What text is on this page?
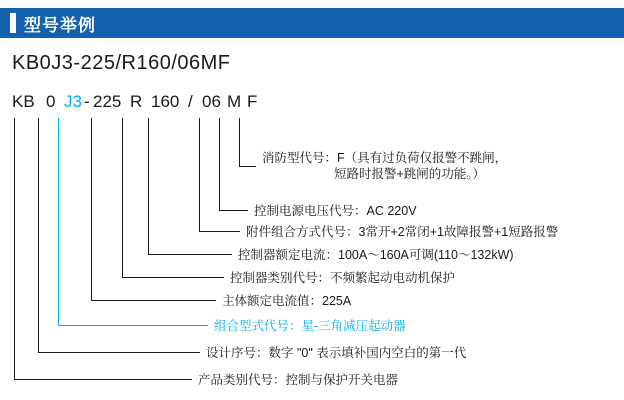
型号举例
KB0J3-225/R160/06MF
KB 0 J3 - 225 R 160 / 06 M F
消防型代号：F（具有过负荷仅报警不跳闸，
短路时报警+跳闸的功能。）
控制电源电压代号：AC 220V
附件组合方式代号：3常开+2常闭+1故障报警+1短路报警
控制器额定电流：100A～160A可调(110～132kW)
控制器类别代号：不频繁起动电动机保护
主体额定电流值：225A
组合型式代号：星-三角减压起动器
设计序号：数字 "0" 表示填补国内空白的第一代
产品类别代号：控制与保护开关电器
